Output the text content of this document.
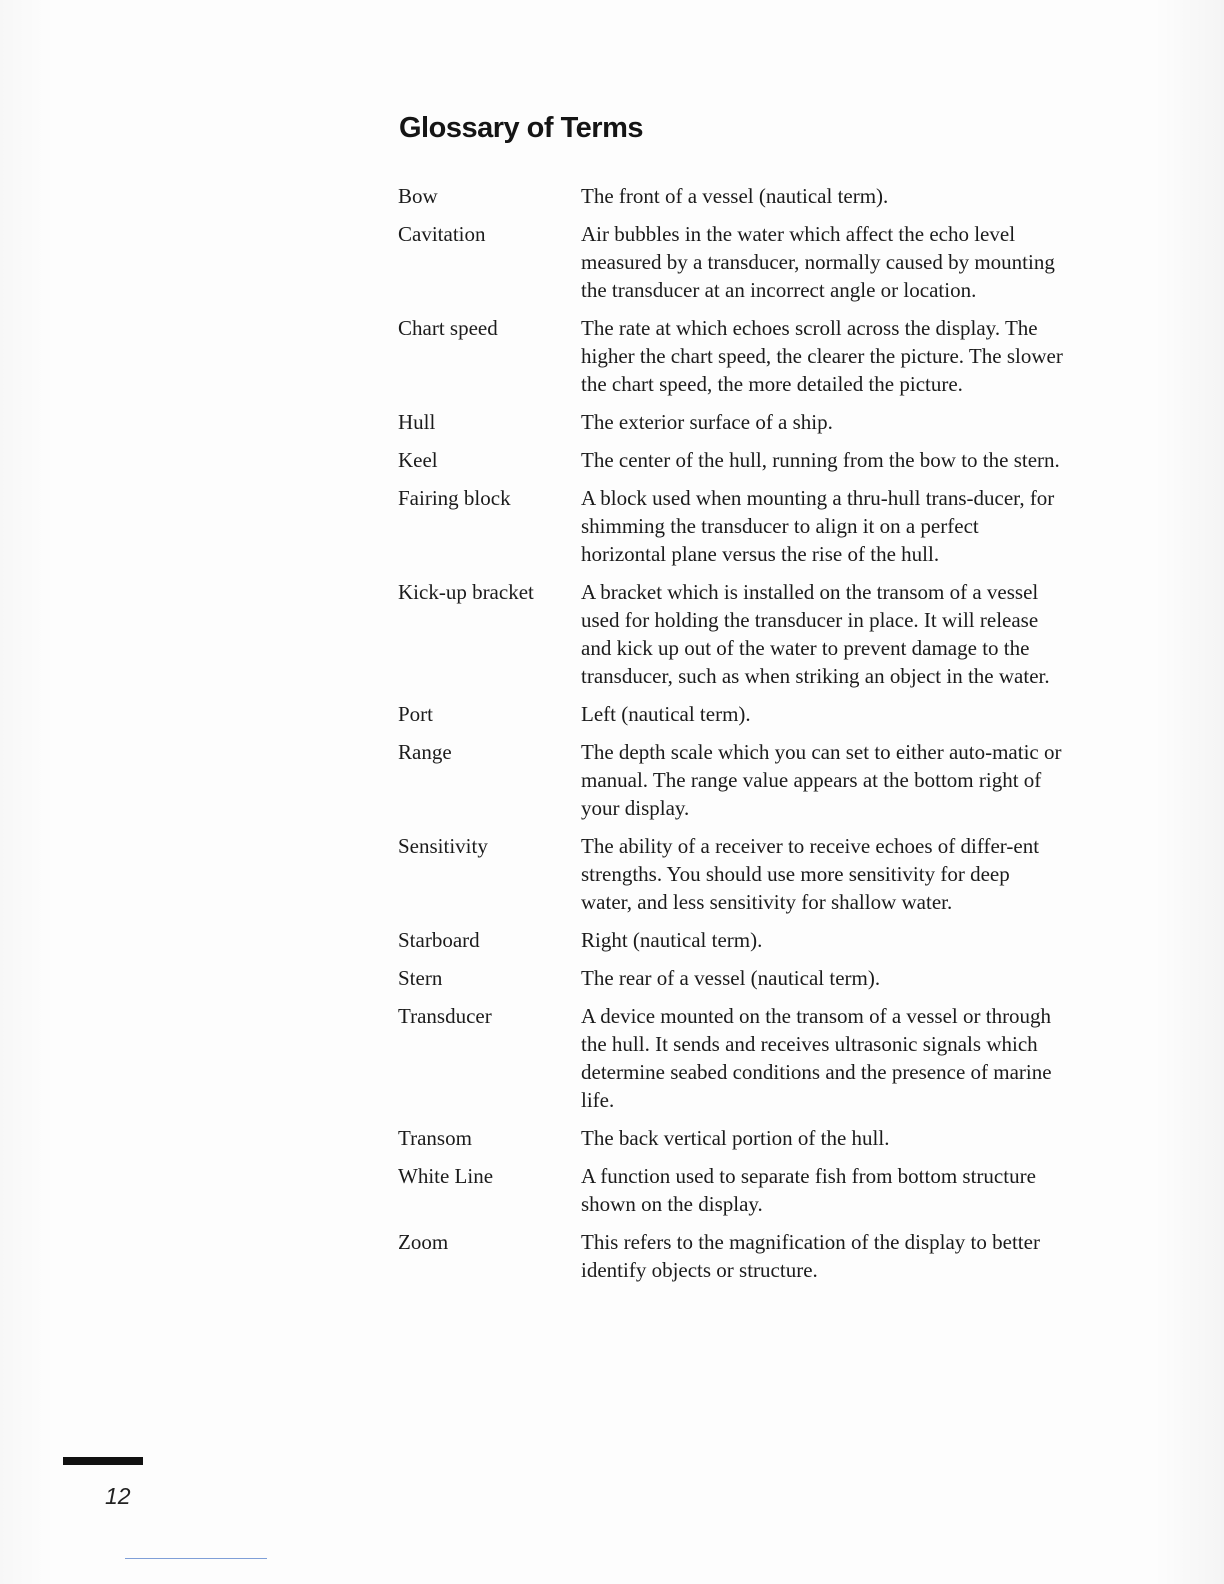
Glossary of Terms
Bow	The front of a vessel (nautical term).
Cavitation	Air bubbles in the water which affect the echo level measured by a transducer, normally caused by mounting the transducer at an incorrect angle or location.
Chart speed	The rate at which echoes scroll across the display. The higher the chart speed, the clearer the picture. The slower the chart speed, the more detailed the picture.
Hull	The exterior surface of a ship.
Keel	The center of the hull, running from the bow to the stern.
Fairing block	A block used when mounting a thru-hull trans-ducer, for shimming the transducer to align it on a perfect horizontal plane versus the rise of the hull.
Kick-up bracket	A bracket which is installed on the transom of a vessel used for holding the transducer in place. It will release and kick up out of the water to prevent damage to the transducer, such as when striking an object in the water.
Port	Left (nautical term).
Range	The depth scale which you can set to either auto-matic or manual. The range value appears at the bottom right of your display.
Sensitivity	The ability of a receiver to receive echoes of differ-ent strengths. You should use more sensitivity for deep water, and less sensitivity for shallow water.
Starboard	Right (nautical term).
Stern	The rear of a vessel (nautical term).
Transducer	A device mounted on the transom of a vessel or through the hull. It sends and receives ultrasonic signals which determine seabed conditions and the presence of marine life.
Transom	The back vertical portion of the hull.
White Line	A function used to separate fish from bottom structure shown on the display.
Zoom	This refers to the magnification of the display to better identify objects or structure.
12
